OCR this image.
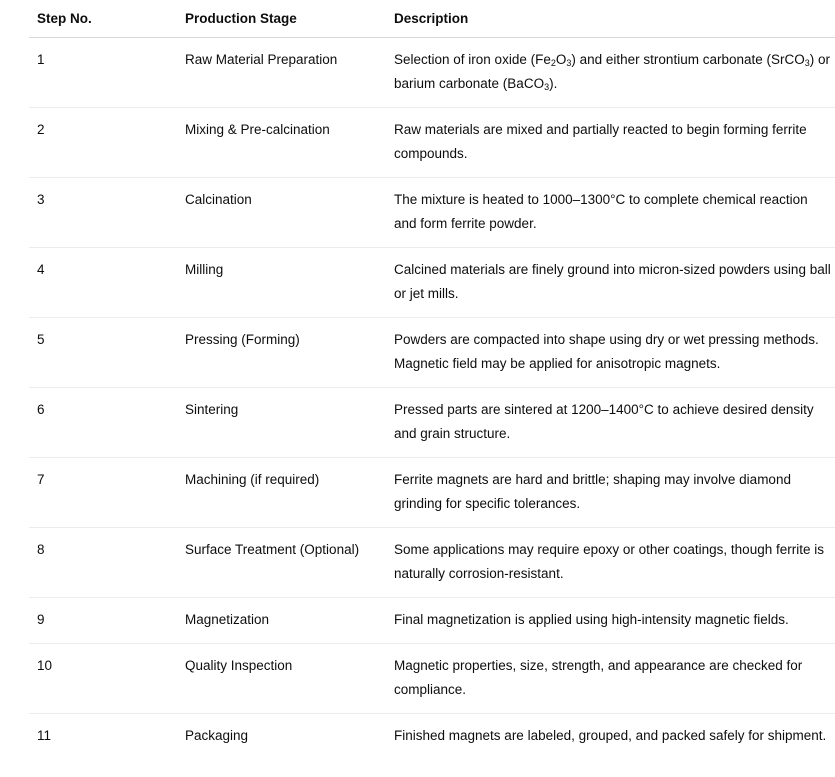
Step No.	Production Stage	Description
1	Raw Material Preparation	Selection of iron oxide $(Fe_2O_3)$ and either strontium carbonate (SrCO$_3$) or barium carbonate (BaCO$_3$).
2	Mixing & Pre-calcination	Raw materials are mixed and partially reacted to begin forming ferrite compounds.
3	Calcination	The mixture is heated to 1000–1300°C to complete chemical reaction and form ferrite powder.
4	Milling	Calcined materials are finely ground into micron-sized powders using ball or jet mills.
5	Pressing (Forming)	Powders are compacted into shape using dry or wet pressing methods. Magnetic field may be applied for anisotropic magnets.
6	Sintering	Pressed parts are sintered at 1200–1400°C to achieve desired density and grain structure.
7	Machining (if required)	Ferrite magnets are hard and brittle; shaping may involve diamond grinding for specific tolerances.
8	Surface Treatment (Optional)	Some applications may require epoxy or other coatings, though ferrite is naturally corrosion-resistant.
9	Magnetization	Final magnetization is applied using high-intensity magnetic fields.
10	Quality Inspection	Magnetic properties, size, strength, and appearance are checked for compliance.
11	Packaging	Finished magnets are labeled, grouped, and packed safely for shipment.
